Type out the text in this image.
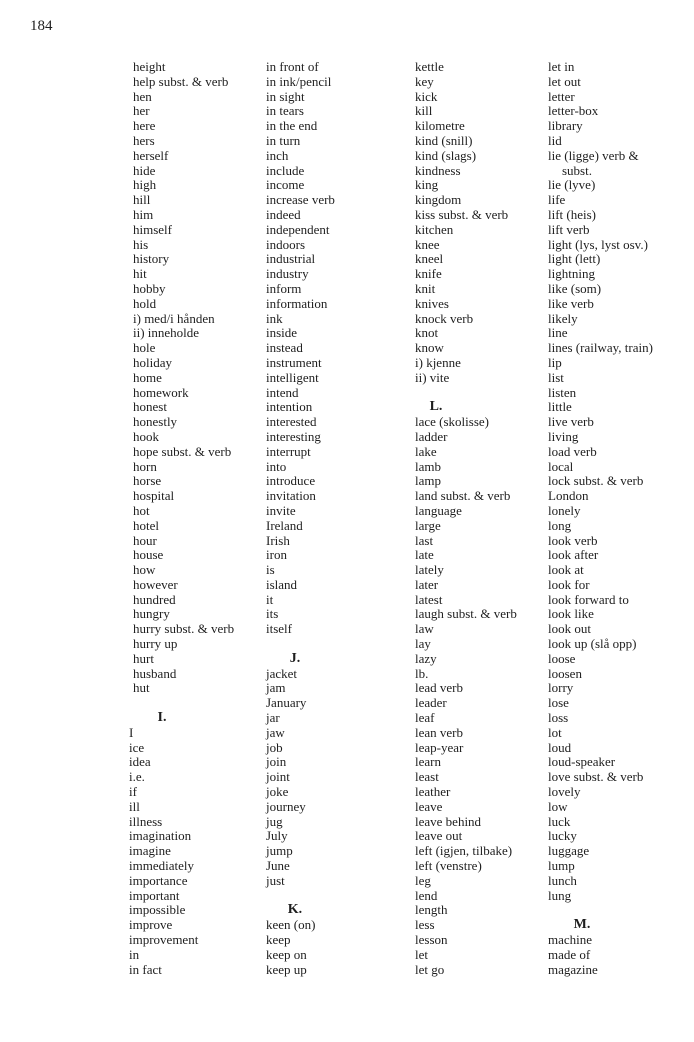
184
height
help subst. & verb
hen
her
here
hers
herself
hide
high
hill
him
himself
his
history
hit
hobby
hold
i) med/i hånden
ii) inneholde
hole
holiday
home
homework
honest
honestly
hook
hope subst. & verb
horn
horse
hospital
hot
hotel
hour
house
how
however
hundred
hungry
hurry subst. & verb
hurry up
hurt
husband
hut
I.
I
ice
idea
i.e.
if
ill
illness
imagination
imagine
immediately
importance
important
impossible
improve
improvement
in
in fact
in front of
in ink/pencil
in sight
in tears
in the end
in turn
inch
include
income
increase verb
indeed
independent
indoors
industrial
industry
inform
information
ink
inside
instead
instrument
intelligent
intend
intention
interested
interesting
interrupt
into
introduce
invitation
invite
Ireland
Irish
iron
is
island
it
its
itself
J.
jacket
jam
January
jar
jaw
job
join
joint
joke
journey
jug
July
jump
June
just
K.
keen (on)
keep
keep on
keep up
kettle
key
kick
kill
kilometre
kind (snill)
kind (slags)
kindness
king
kingdom
kiss subst. & verb
kitchen
knee
kneel
knife
knit
knives
knock verb
knot
know
i) kjenne
ii) vite
L.
lace (skolisse)
ladder
lake
lamb
lamp
land subst. & verb
language
large
last
late
lately
later
latest
laugh subst. & verb
law
lay
lazy
lb.
lead verb
leader
leaf
lean verb
leap-year
learn
least
leather
leave
leave behind
leave out
left (igjen, tilbake)
left (venstre)
leg
lend
length
less
lesson
let
let go
let in
let out
letter
letter-box
library
lid
lie (ligge) verb &
subst.
lie (lyve)
life
lift (heis)
lift verb
light (lys, lyst osv.)
light (lett)
lightning
like (som)
like verb
likely
line
lines (railway, train)
lip
list
listen
little
live verb
living
load verb
local
lock subst. & verb
London
lonely
long
look verb
look after
look at
look for
look forward to
look like
look out
look up (slå opp)
loose
loosen
lorry
lose
loss
lot
loud
loud-speaker
love subst. & verb
lovely
low
luck
lucky
luggage
lump
lunch
lung
M.
machine
made of
magazine
